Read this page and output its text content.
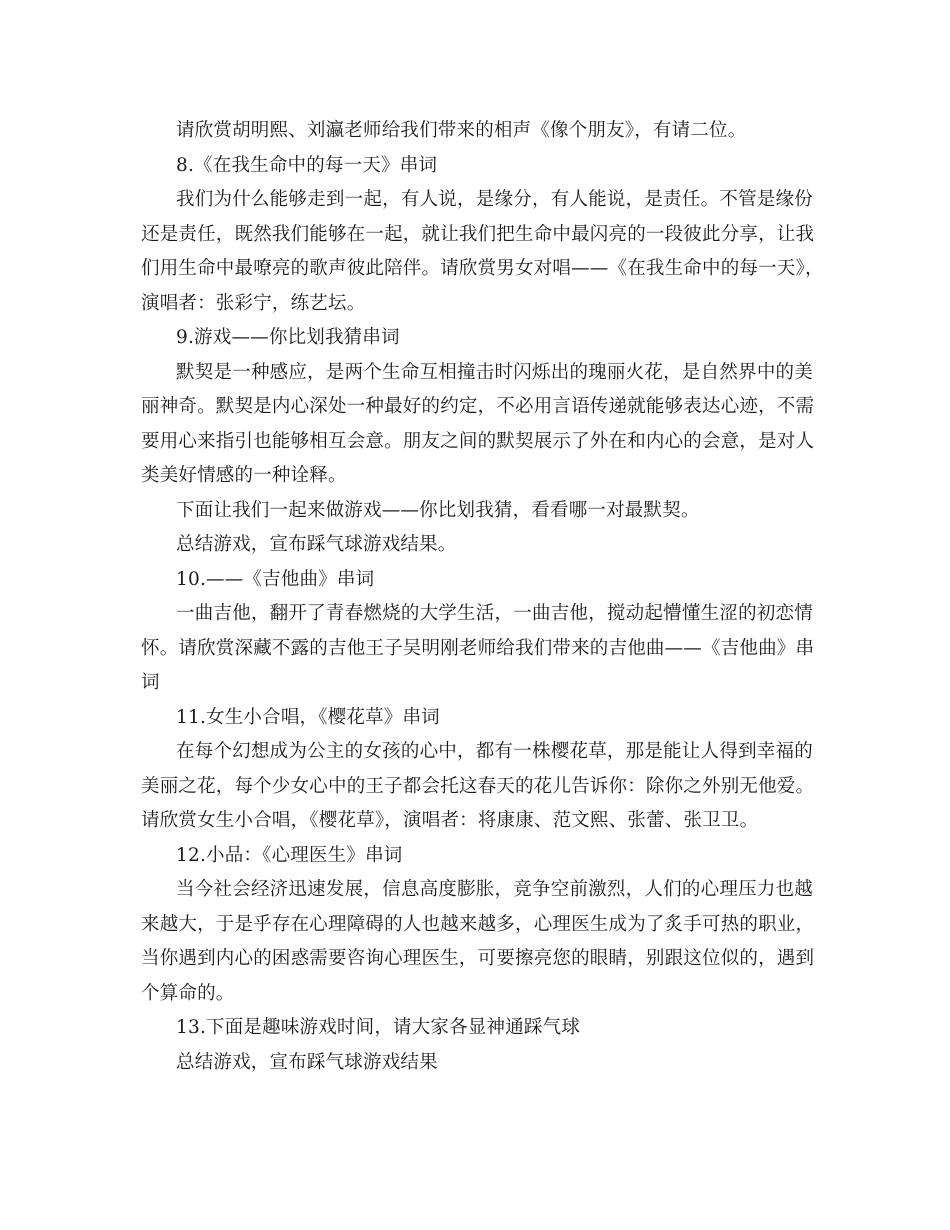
请欣赏胡明熙、刘瀛老师给我们带来的相声《像个朋友》，有请二位。
8.《在我生命中的每一天》串词
我们为什么能够走到一起，有人说，是缘分，有人能说，是责任。不管是缘份
还是责任，既然我们能够在一起，就让我们把生命中最闪亮的一段彼此分享，让我
们用生命中最嘹亮的歌声彼此陪伴。请欣赏男女对唱——《在我生命中的每一天》，
演唱者：张彩宁，练艺坛。
9.游戏——你比划我猜串词
默契是一种感应，是两个生命互相撞击时闪烁出的瑰丽火花，是自然界中的美
丽神奇。默契是内心深处一种最好的约定，不必用言语传递就能够表达心迹，不需
要用心来指引也能够相互会意。朋友之间的默契展示了外在和内心的会意，是对人
类美好情感的一种诠释。
下面让我们一起来做游戏——你比划我猜，看看哪一对最默契。
总结游戏，宣布踩气球游戏结果。
10.——《吉他曲》串词
一曲吉他，翻开了青春燃烧的大学生活，一曲吉他，搅动起懵懂生涩的初恋情
怀。请欣赏深藏不露的吉他王子吴明刚老师给我们带来的吉他曲——《吉他曲》串
词
11.女生小合唱，《樱花草》串词
在每个幻想成为公主的女孩的心中，都有一株樱花草，那是能让人得到幸福的
美丽之花，每个少女心中的王子都会托这春天的花儿告诉你：除你之外别无他爱。
请欣赏女生小合唱，《樱花草》，演唱者：将康康、范文熙、张蕾、张卫卫。
12.小品：《心理医生》串词
当今社会经济迅速发展，信息高度膨胀，竞争空前激烈，人们的心理压力也越
来越大，于是乎存在心理障碍的人也越来越多，心理医生成为了炙手可热的职业，
当你遇到内心的困惑需要咨询心理医生，可要擦亮您的眼睛，别跟这位似的，遇到
个算命的。
13.下面是趣味游戏时间，请大家各显神通踩气球
总结游戏，宣布踩气球游戏结果
